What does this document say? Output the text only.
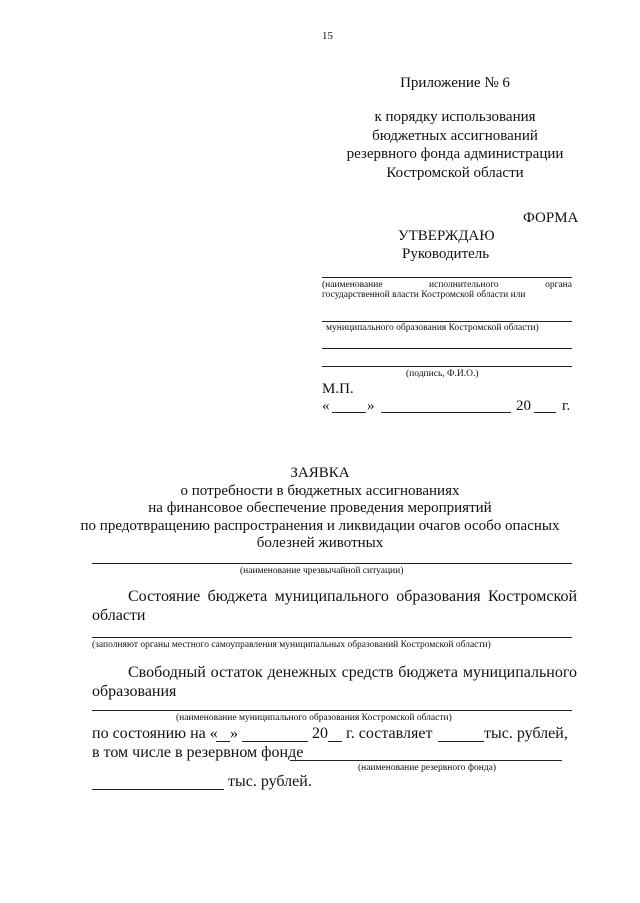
15
Приложение № 6
к порядку использования
бюджетных ассигнований
резервного фонда администрации
Костромской области
ФОРМА
УТВЕРЖДАЮ
Руководитель
(наименование	исполнительного	органа
государственной власти Костромской области или
муниципального образования Костромской области)
(подпись, Ф.И.О.)
М.П.
«	»	20 г.
ЗАЯВКА
о потребности в бюджетных ассигнованиях
на финансовое обеспечение проведения мероприятий
по предотвращению распространения и ликвидации очагов особо опасных
болезней животных
(наименование чрезвычайной ситуации)
Состояние бюджета муниципального образования Костромской
области
(заполняют органы местного самоуправления муниципальных образований Костромской области)
Свободный остаток денежных средств бюджета муниципального
образования
(наименование муниципального образования Костромской области)
по состоянию на « »	20 г. составляет	тыс. рублей,
в том числе в резервном фонде
(наименование резервного фонда)
тыс. рублей.
